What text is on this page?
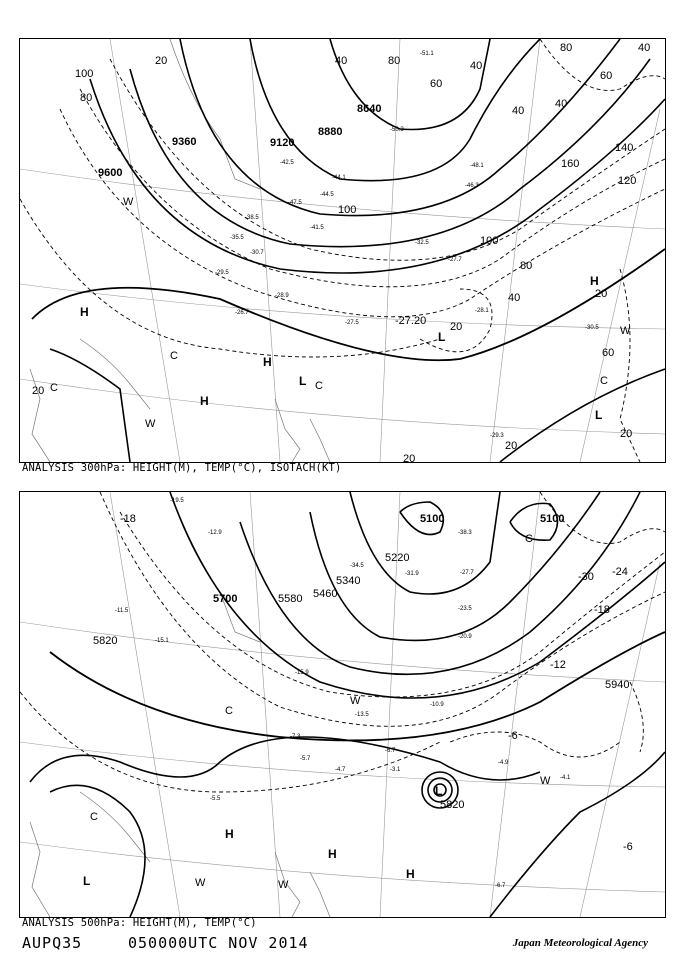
9600
9360	9120
8880
8640
100
80
20	40	80
100
120
140
160
40
60
40
80
60
40
20
20
20
20
40
60
80
100
20
40
20
H
H
H
L C
C
C
W
W
H
C
L
L
W
-47.5
-44.5
-41.5
-38.5
-35.5
-32.5
-30.7
-29.5
-28.9
-27.7
-27.5
-26.7
-30.5
-28.1
-27.20
-29.3
-51.1
-50.3
-48.1
-46.3
-44.1
-42.5
ANALYSIS 300hPa: HEIGHT(M), TEMP(°C), ISOTACH(KT)
5100	5100
5220
5340
5460
5580
5700
5820
5940
5820
-18
-30 -24
-18
-12
-6
-6
C
C
L
H
H
H
W	W
W
C
L
W
-19.5
-12.9
-15.1
-11.5
-15.9
-13.5
-10.9
-7.3
-6.7
-5.7
-4.7	-3.1
-5.5
-4.9
-4.1
-6.7
-20.9
-23.5
-27.7
-31.9
-34.5
-38.3
ANALYSIS 500hPa: HEIGHT(M), TEMP(°C)
AUPQ35	050000UTC NOV 2014	Japan Meteorological Agency
